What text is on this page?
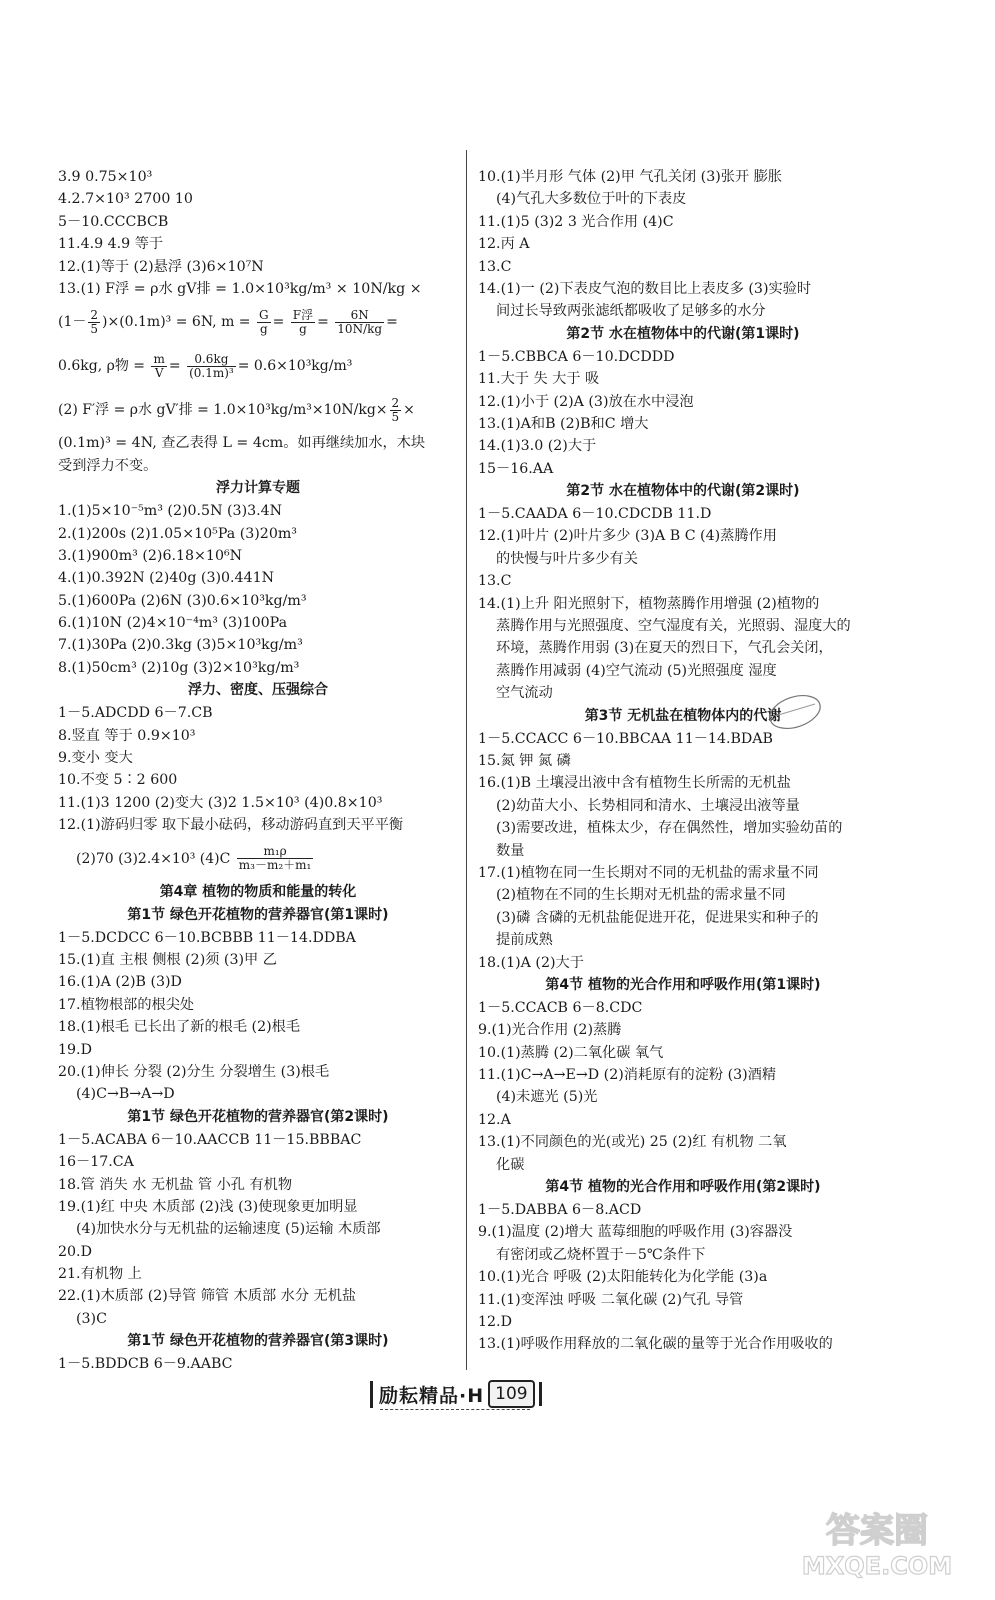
3.9 0.75×10³
4.2.7×10³ 2700 10
5－10.CCCBCB
11.4.9 4.9 等于
12.(1)等于 (2)悬浮 (3)6×10⁷N
13.(1) F浮 = ρ水 gV排 = 1.0×10³kg/m³ × 10N/kg ×
$(1- \frac{2}{5} )\times(0.1m)^3 = 6N$, $m = \frac{G}{g} = \frac{\text{F浮}}{g} = \frac{6N}{10N/kg}$ =
0.6kg, ρ物 = $\frac{m}{V} = \frac{0.6kg}{\text{(0.1m)³}} = 0.6\times 10^3kg/m^3$
(2) F′浮 = ρ水 gV′排 = $1.0\times 10^3kg/m^3\times 10N/kg\times \frac{2}{5}$ ×
(0.1m)³ = 4N, 查乙表得 L = 4cm。如再继续加水，木块
受到浮力不变。
浮力计算专题
1.(1)5×10⁻⁵m³ (2)0.5N (3)3.4N
2.(1)200s (2)1.05×10⁵Pa (3)20m³
3.(1)900m³ (2)6.18×10⁶N
4.(1)0.392N (2)40g (3)0.441N
5.(1)600Pa (2)6N (3)0.6×10³kg/m³
6.(1)10N (2)4×10⁻⁴m³ (3)100Pa
7.(1)30Pa (2)0.3kg (3)5×10³kg/m³
8.(1)50cm³ (2)10g (3)2×10³kg/m³
浮力、密度、压强综合
1－5.ADCDD 6－7.CB
8.竖直 等于 0.9×10³
9.变小 变大
10.不变 5∶2 600
11.(1)3 1200 (2)变大 (3)2 1.5×10³ (4)0.8×10³
12.(1)游码归零 取下最小砝码，移动游码直到天平平衡
(2)70 (3)2.4×10³ $(4)C \frac{\text{m₁ρ}}{\text{m₃－m₂＋m₁}}$
第4章 植物的物质和能量的转化
第1节 绿色开花植物的营养器官(第1课时)
1－5.DCDCC 6－10.BCBBB 11－14.DDBA
15.(1)直 主根 侧根 (2)须 (3)甲 乙
16.(1)A (2)B (3)D
17.植物根部的根尖处
18.(1)根毛 已长出了新的根毛 (2)根毛
19.D
20.(1)伸长 分裂 (2)分生 分裂增生 (3)根毛
(4)C→B→A→D
第1节 绿色开花植物的营养器官(第2课时)
1－5.ACABA 6－10.AACCB 11－15.BBBAC
16－17.CA
18.管 消失 水 无机盐 管 小孔 有机物
19.(1)红 中央 木质部 (2)浅 (3)使现象更加明显
(4)加快水分与无机盐的运输速度 (5)运输 木质部
20.D
21.有机物 上
22.(1)木质部 (2)导管 筛管 木质部 水分 无机盐
(3)C
第1节 绿色开花植物的营养器官(第3课时)
1－5.BDDCB 6－9.AABC
10.(1)半月形 气体 (2)甲 气孔关闭 (3)张开 膨胀
(4)气孔大多数位于叶的下表皮
11.(1)5 (3)2 3 光合作用 (4)C
12.丙 A
13.C
14.(1)一 (2)下表皮气泡的数目比上表皮多 (3)实验时
间过长导致两张滤纸都吸收了足够多的水分
第2节 水在植物体中的代谢(第1课时)
1－5.CBBCA 6－10.DCDDD
11.大于 失 大于 吸
12.(1)小于 (2)A (3)放在水中浸泡
13.(1)A和B (2)B和C 增大
14.(1)3.0 (2)大于
15－16.AA
第2节 水在植物体中的代谢(第2课时)
1－5.CAADA 6－10.CDCDB 11.D
12.(1)叶片 (2)叶片多少 (3)A B C (4)蒸腾作用
的快慢与叶片多少有关
13.C
14.(1)上升 阳光照射下，植物蒸腾作用增强 (2)植物的
蒸腾作用与光照强度、空气湿度有关，光照弱、湿度大的
环境，蒸腾作用弱 (3)在夏天的烈日下，气孔会关闭，
蒸腾作用减弱 (4)空气流动 (5)光照强度 湿度
空气流动
第3节 无机盐在植物体内的代谢
1－5.CCACC 6－10.BBCAA 11－14.BDAB
15.氮 钾 氮 磷
16.(1)B 土壤浸出液中含有植物生长所需的无机盐
(2)幼苗大小、长势相同和清水、土壤浸出液等量
(3)需要改进，植株太少，存在偶然性，增加实验幼苗的
数量
17.(1)植物在同一生长期对不同的无机盐的需求量不同
(2)植物在不同的生长期对无机盐的需求量不同
(3)磷 含磷的无机盐能促进开花，促进果实和种子的
提前成熟
18.(1)A (2)大于
第4节 植物的光合作用和呼吸作用(第1课时)
1－5.CCACB 6－8.CDC
9.(1)光合作用 (2)蒸腾
10.(1)蒸腾 (2)二氧化碳 氧气
11.(1)C→A→E→D (2)消耗原有的淀粉 (3)酒精
(4)未遮光 (5)光
12.A
13.(1)不同颜色的光(或光) 25 (2)红 有机物 二氧
化碳
第4节 植物的光合作用和呼吸作用(第2课时)
1－5.DABBA 6－8.ACD
9.(1)温度 (2)增大 蓝莓细胞的呼吸作用 (3)容器没
有密闭或乙烧杯置于－5℃条件下
10.(1)光合 呼吸 (2)太阳能转化为化学能 (3)a
11.(1)变浑浊 呼吸 二氧化碳 (2)气孔 导管
12.D
13.(1)呼吸作用释放的二氧化碳的量等于光合作用吸收的
励耘精品·H 109
答案圈
MXQE.COM
